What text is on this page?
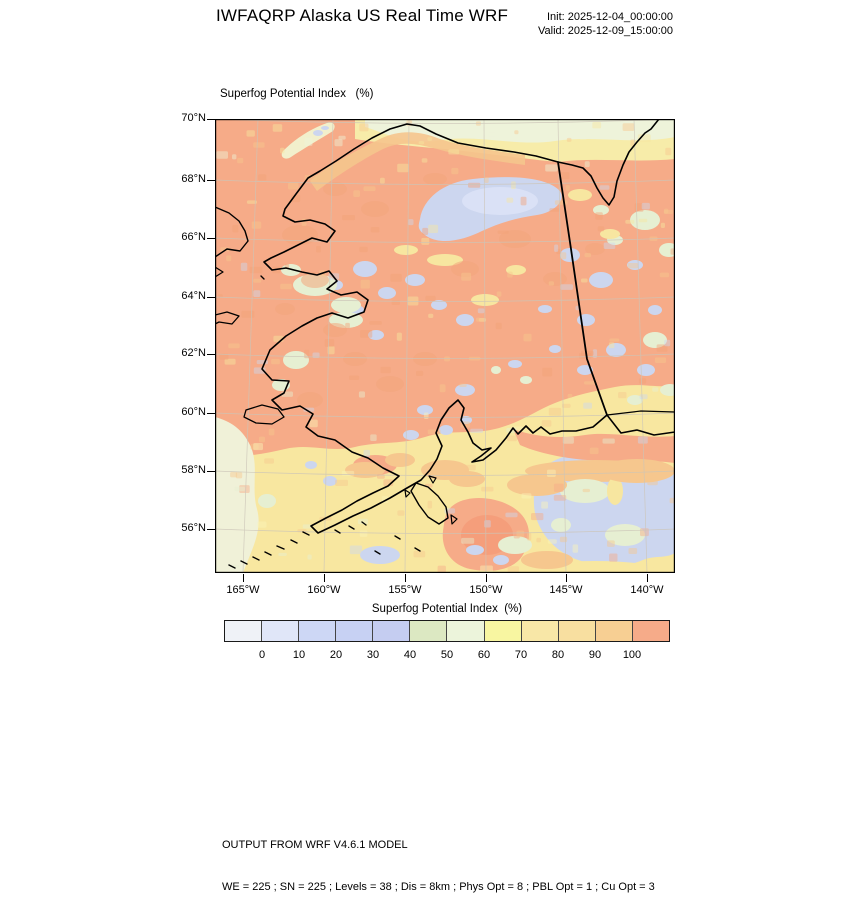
IWFAQRP Alaska US Real Time WRF	Init: 2025-12-04_00:00:00
Valid: 2025-12-09_15:00:00
Superfog Potential Index   (%)
70°N
68°N
66°N
64°N
62°N
60°N
58°N
56°N
165°W	160°W	155°W	150°W	145°W	140°W
Superfog Potential Index  (%)
0	10	20	30	40	50	60	70	80	90	100

OUTPUT FROM WRF V4.6.1 MODEL

WE = 225 ; SN = 225 ; Levels = 38 ; Dis = 8km ; Phys Opt = 8 ; PBL Opt = 1 ; Cu Opt = 3
